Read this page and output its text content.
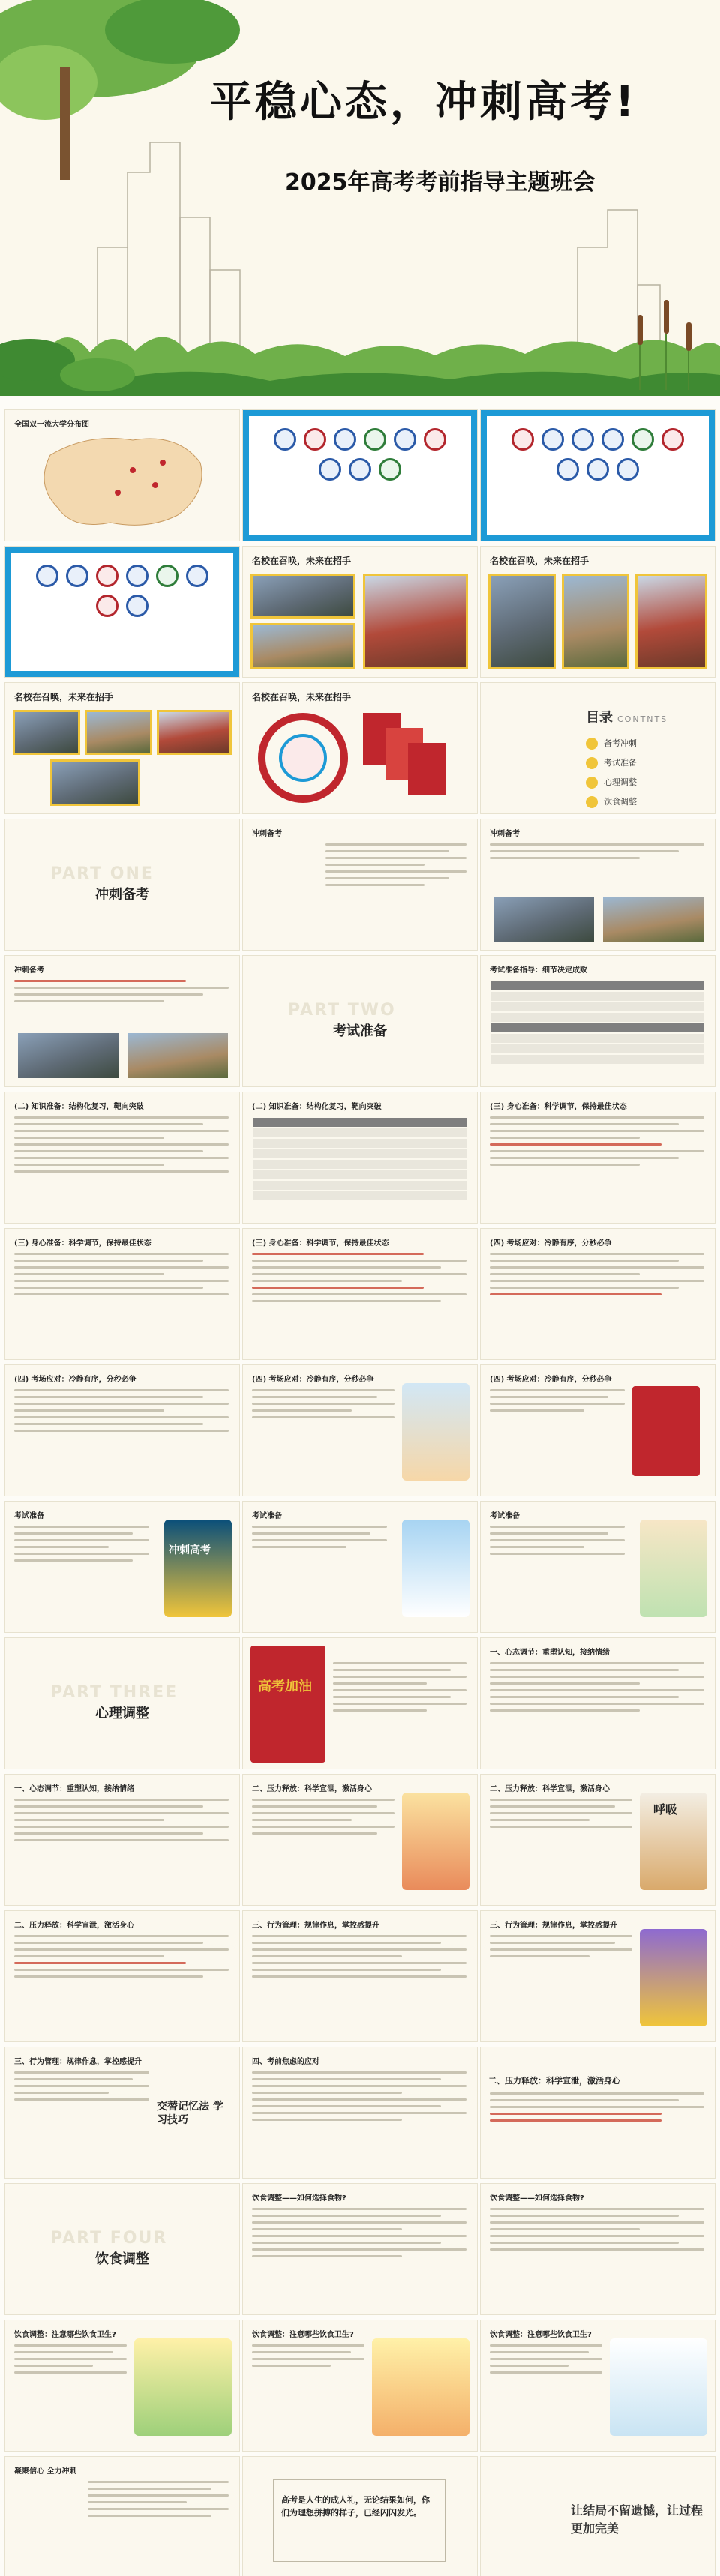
平稳心态，冲刺高考!
2025年高考考前指导主题班会
全国双一流大学分布图
名校在召唤，未来在招手	名校在召唤，未来在招手
名校在召唤，未来在招手	名校在召唤，未来在招手
目录 CONTNTS
备考冲刺
考试准备
心理调整
饮食调整
PART ONE
冲刺备考
冲刺备考	冲刺备考
冲刺备考
PART TWO
考试准备
考试准备指导：细节决定成败
(二) 知识准备：结构化复习，靶向突破	(二) 知识准备：结构化复习，靶向突破	(三) 身心准备：科学调节，保持最佳状态
(三) 身心准备：科学调节，保持最佳状态	(三) 身心准备：科学调节，保持最佳状态	(四) 考场应对：冷静有序，分秒必争
(四) 考场应对：冷静有序，分秒必争	(四) 考场应对：冷静有序，分秒必争	(四) 考场应对：冷静有序，分秒必争
考试准备
冲刺高考
考试准备	考试准备
PART THREE
心理调整
高考加油
一、心态调节：重塑认知，接纳情绪
一、心态调节：重塑认知，接纳情绪	二、压力释放：科学宣泄，激活身心	二、压力释放：科学宣泄，激活身心
呼吸
二、压力释放：科学宣泄，激活身心	三、行为管理：规律作息，掌控感提升	三、行为管理：规律作息，掌控感提升
三、行为管理：规律作息，掌控感提升
交替记忆法 学习技巧
四、考前焦虑的应对
二、压力释放：科学宣泄，激活身心
PART FOUR
饮食调整
饮食调整——如何选择食物?	饮食调整——如何选择食物?
饮食调整：注意哪些饮食卫生?	饮食调整：注意哪些饮食卫生?	饮食调整：注意哪些饮食卫生?
凝聚信心 全力冲刺
高考是人生的成人礼，无论结果如何，你们为理想拼搏的样子，已经闪闪发光。	让结局不留遗憾，让过程更加完美
